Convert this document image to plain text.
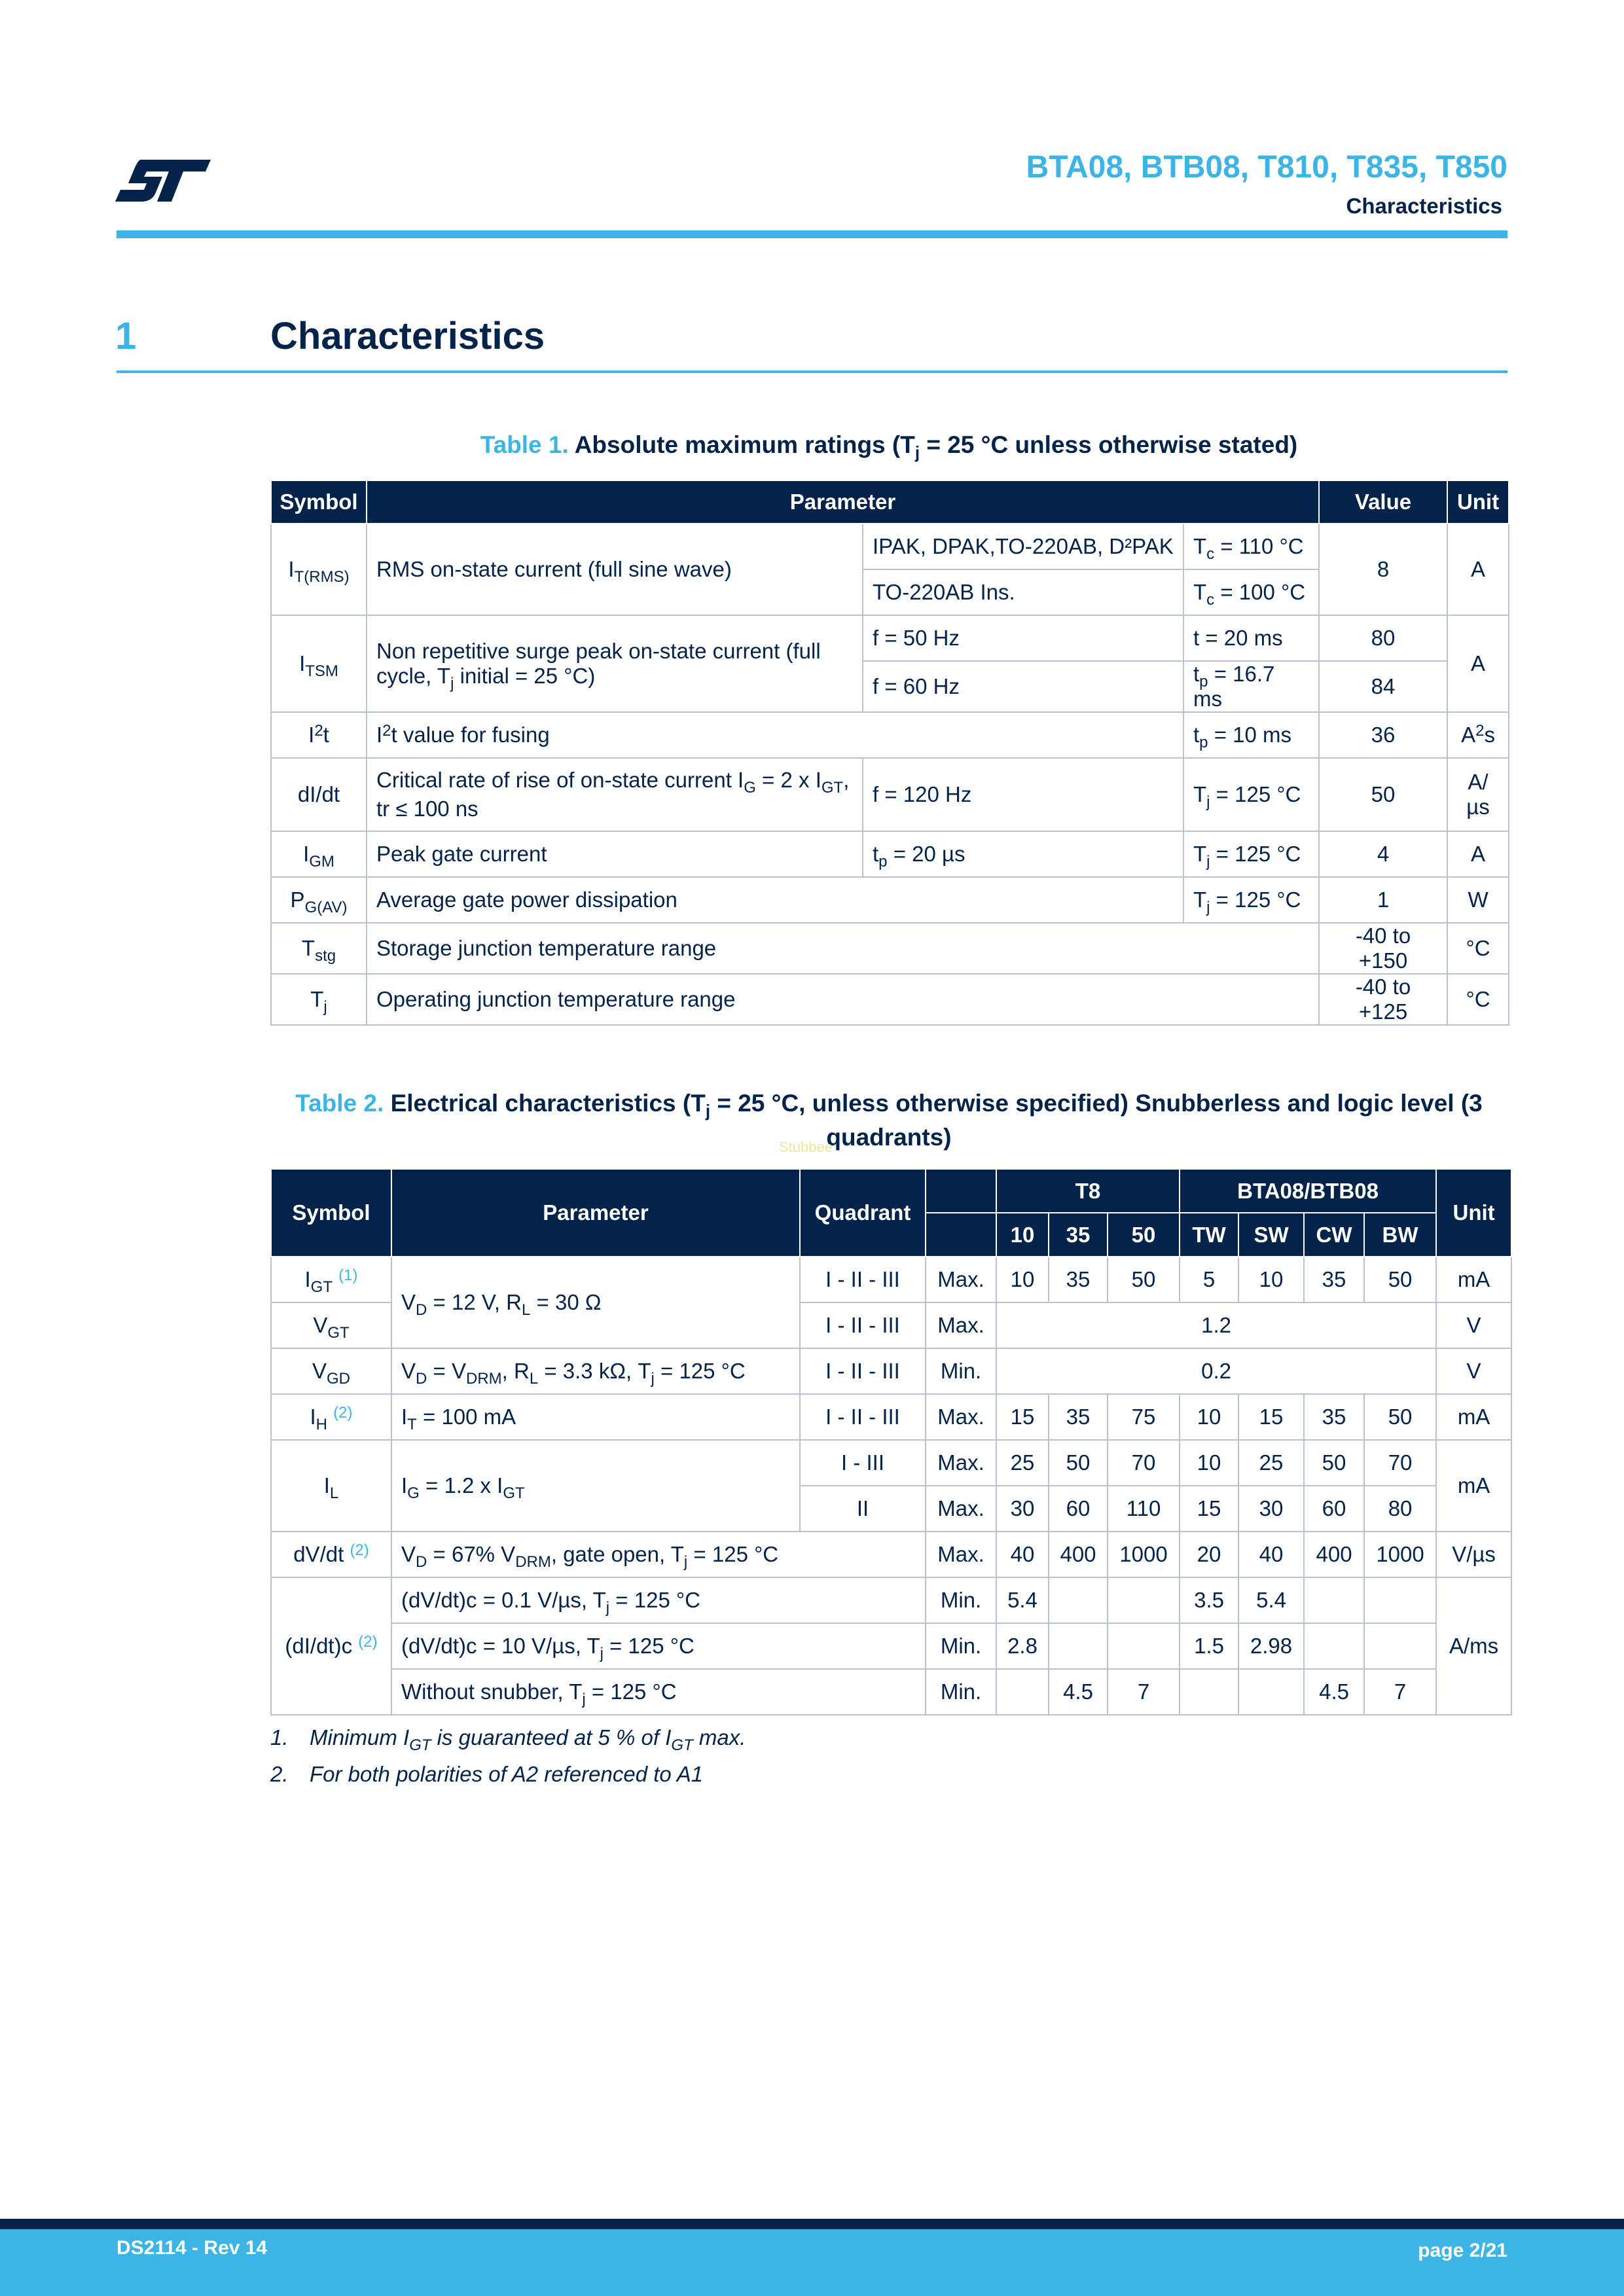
BTA08, BTB08, T810, T835, T850
Characteristics
1	Characteristics
Table 1. Absolute maximum ratings ($T_j = 25$ °C unless otherwise stated)
Symbol	Parameter			Value	Unit
$I_{T(RMS)}$	RMS on-state current (full sine wave)	IPAK, DPAK,TO-220AB, D²PAK	$T_c = 110$ °C	8	A
		TO-220AB Ins.	$T_c = 100$ °C		
$I_{TSM}$	Non repetitive surge peak on-state current (full cycle, $T_j$ initial = 25 °C)	f = 50 Hz	t = 20 ms	80	A
		f = 60 Hz	$t_p = 16.7$ ms	84	
$I^2t$	$I^2t$ value for fusing		$t_p = 10$ ms	36	$A^2s$
dI/dt	Critical rate of rise of on-state current $I_G = 2$ x $I_{GT}$, tr ≤ 100 ns	f = 120 Hz	$T_j = 125$ °C	50	A/µs
$I_{GM}$	Peak gate current	$t_p = 20$ µs	$T_j = 125$ °C	4	A
$P_{G(AV)}$	Average gate power dissipation		$T_j = 125$ °C	1	W
$T_{stg}$	Storage junction temperature range			-40 to +150	°C
$T_j$	Operating junction temperature range			-40 to +125	°C
Table 2. Electrical characteristics ($T_j = 25$ °C, unless otherwise specified) Snubberless and logic level (3 quadrants)
Stubbee
Symbol	Parameter	Quadrant		T8			BTA08/BTB08				Unit
				10	35	50	TW	SW	CW	BW	
$I_{GT}$ $^{(1)}$	$V_D = 12$ V, $R_L = 30$ Ω	I - II - III	Max.	10	35	50	5	10	35	50	mA
$V_{GT}$		I - II - III	Max.	1.2							V
$V_{GD}$	$V_D = V_{DRM}$, $R_L = 3.3$ kΩ, $T_j = 125$ °C	I - II - III	Min.	0.2							V
$I_H$ $^{(2)}$	$I_T = 100$ mA	I - II - III	Max.	15	35	75	10	15	35	50	mA
$I_L$	$I_G = 1.2$ x $I_{GT}$	I - III	Max.	25	50	70	10	25	50	70	mA
		II	Max.	30	60	110	15	30	60	80	
dV/dt $^{(2)}$	$V_D = 67\%$ $V_{DRM}$, gate open, $T_j = 125$ °C		Max.	40	400	1000	20	40	400	1000	V/µs
(dI/dt)c $^{(2)}$	(dV/dt)c = 0.1 V/µs, $T_j = 125$ °C		Min.	5.4			3.5	5.4			A/ms
	(dV/dt)c = 10 V/µs, $T_j = 125$ °C		Min.	2.8			1.5	2.98			
	Without snubber, $T_j = 125$ °C		Min.		4.5	7			4.5	7	
1. Minimum $I_{GT}$ is guaranteed at 5 % of $I_{GT}$ max.
2. For both polarities of A2 referenced to A1
DS2114 - Rev 14	page 2/21
